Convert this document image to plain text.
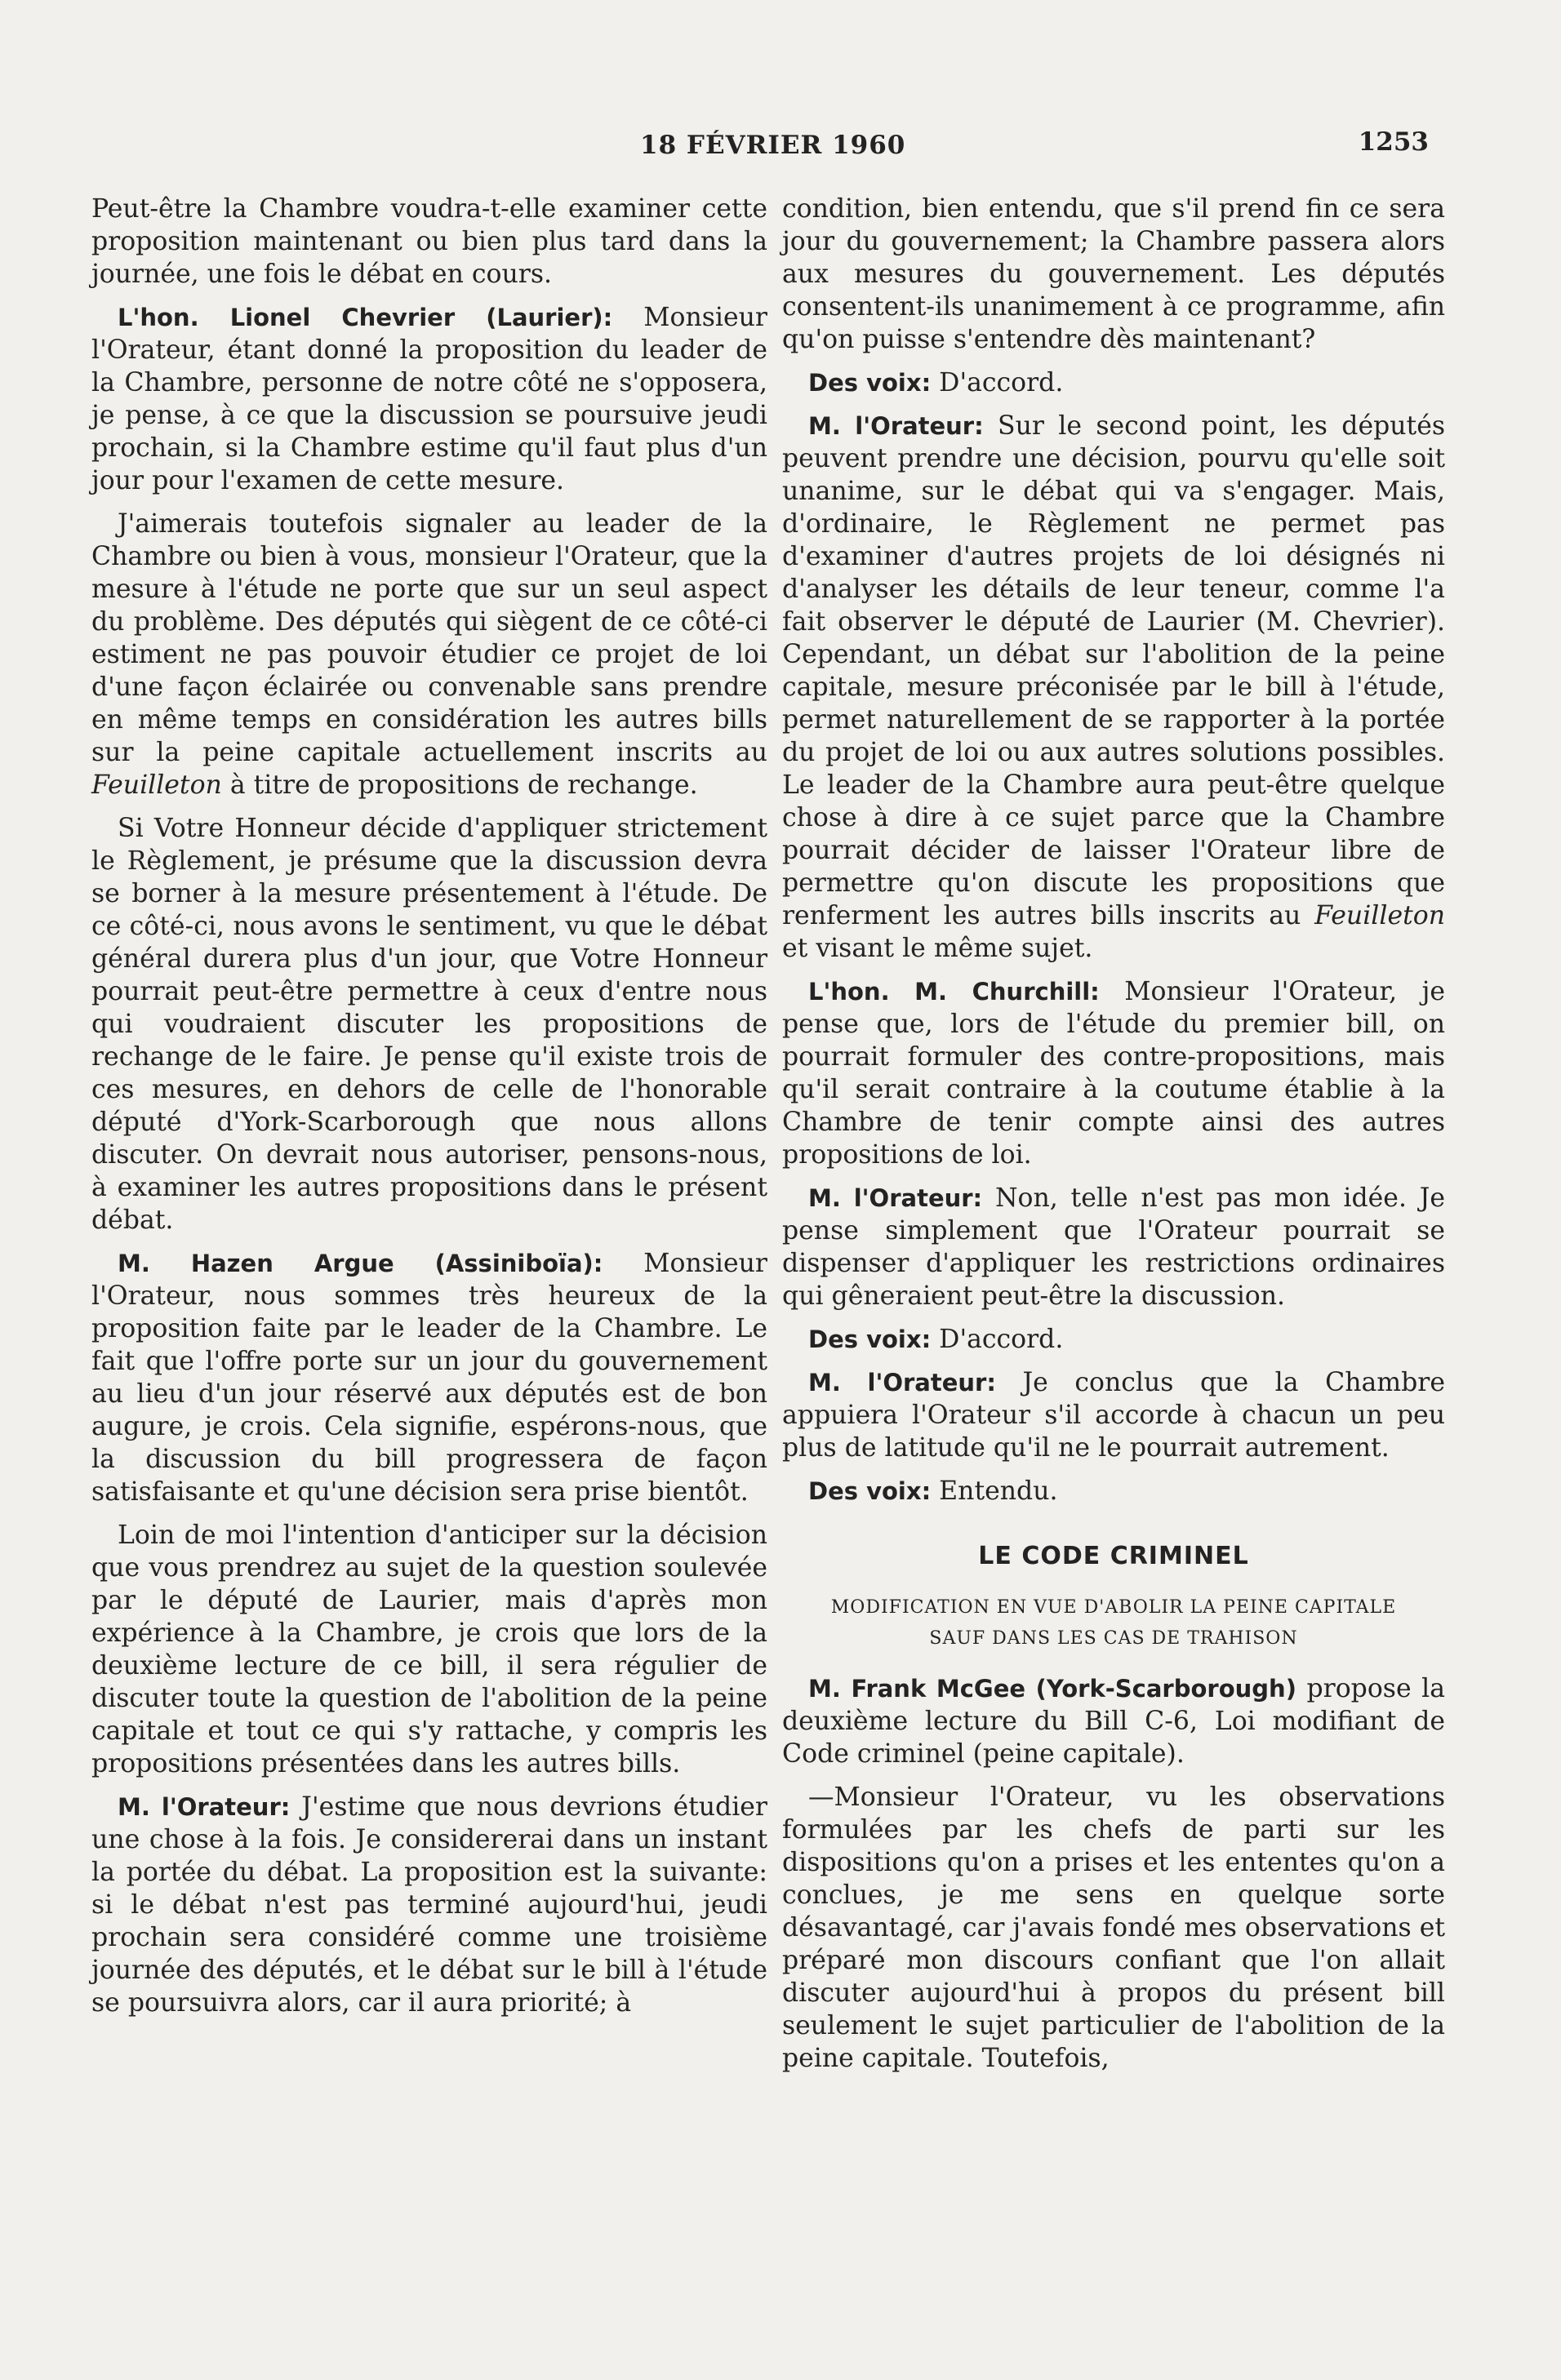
18 FÉVRIER 1960	1253

Peut-être la Chambre voudra-t-elle examiner cette proposition maintenant ou bien plus tard dans la journée, une fois le débat en cours.

L'hon. Lionel Chevrier (Laurier): Monsieur l'Orateur, étant donné la proposition du leader de la Chambre, personne de notre côté ne s'opposera, je pense, à ce que la discussion se poursuive jeudi prochain, si la Chambre estime qu'il faut plus d'un jour pour l'examen de cette mesure.

J'aimerais toutefois signaler au leader de la Chambre ou bien à vous, monsieur l'Orateur, que la mesure à l'étude ne porte que sur un seul aspect du problème. Des députés qui siègent de ce côté-ci estiment ne pas pouvoir étudier ce projet de loi d'une façon éclairée ou convenable sans prendre en même temps en considération les autres bills sur la peine capitale actuellement inscrits au Feuilleton à titre de propositions de rechange.

Si Votre Honneur décide d'appliquer strictement le Règlement, je présume que la discussion devra se borner à la mesure présentement à l'étude. De ce côté-ci, nous avons le sentiment, vu que le débat général durera plus d'un jour, que Votre Honneur pourrait peut-être permettre à ceux d'entre nous qui voudraient discuter les propositions de rechange de le faire. Je pense qu'il existe trois de ces mesures, en dehors de celle de l'honorable député d'York-Scarborough que nous allons discuter. On devrait nous autoriser, pensons-nous, à examiner les autres propositions dans le présent débat.

M. Hazen Argue (Assiniboïa): Monsieur l'Orateur, nous sommes très heureux de la proposition faite par le leader de la Chambre. Le fait que l'offre porte sur un jour du gouvernement au lieu d'un jour réservé aux députés est de bon augure, je crois. Cela signifie, espérons-nous, que la discussion du bill progressera de façon satisfaisante et qu'une décision sera prise bientôt.

Loin de moi l'intention d'anticiper sur la décision que vous prendrez au sujet de la question soulevée par le député de Laurier, mais d'après mon expérience à la Chambre, je crois que lors de la deuxième lecture de ce bill, il sera régulier de discuter toute la question de l'abolition de la peine capitale et tout ce qui s'y rattache, y compris les propositions présentées dans les autres bills.

M. l'Orateur: J'estime que nous devrions étudier une chose à la fois. Je considererai dans un instant la portée du débat. La proposition est la suivante: si le débat n'est pas terminé aujourd'hui, jeudi prochain sera considéré comme une troisième journée des députés, et le débat sur le bill à l'étude se poursuivra alors, car il aura priorité; à

condition, bien entendu, que s'il prend fin ce sera jour du gouvernement; la Chambre passera alors aux mesures du gouvernement. Les députés consentent-ils unanimement à ce programme, afin qu'on puisse s'entendre dès maintenant?

Des voix: D'accord.

M. l'Orateur: Sur le second point, les députés peuvent prendre une décision, pourvu qu'elle soit unanime, sur le débat qui va s'engager. Mais, d'ordinaire, le Règlement ne permet pas d'examiner d'autres projets de loi désignés ni d'analyser les détails de leur teneur, comme l'a fait observer le député de Laurier (M. Chevrier). Cependant, un débat sur l'abolition de la peine capitale, mesure préconisée par le bill à l'étude, permet naturellement de se rapporter à la portée du projet de loi ou aux autres solutions possibles. Le leader de la Chambre aura peut-être quelque chose à dire à ce sujet parce que la Chambre pourrait décider de laisser l'Orateur libre de permettre qu'on discute les propositions que renferment les autres bills inscrits au Feuilleton et visant le même sujet.

L'hon. M. Churchill: Monsieur l'Orateur, je pense que, lors de l'étude du premier bill, on pourrait formuler des contre-propositions, mais qu'il serait contraire à la coutume établie à la Chambre de tenir compte ainsi des autres propositions de loi.

M. l'Orateur: Non, telle n'est pas mon idée. Je pense simplement que l'Orateur pourrait se dispenser d'appliquer les restrictions ordinaires qui gêneraient peut-être la discussion.

Des voix: D'accord.

M. l'Orateur: Je conclus que la Chambre appuiera l'Orateur s'il accorde à chacun un peu plus de latitude qu'il ne le pourrait autrement.

Des voix: Entendu.

LE CODE CRIMINEL
MODIFICATION EN VUE D'ABOLIR LA PEINE CAPITALE SAUF DANS LES CAS DE TRAHISON

M. Frank McGee (York-Scarborough) propose la deuxième lecture du Bill C-6, Loi modifiant de Code criminel (peine capitale).

—Monsieur l'Orateur, vu les observations formulées par les chefs de parti sur les dispositions qu'on a prises et les ententes qu'on a conclues, je me sens en quelque sorte désavantagé, car j'avais fondé mes observations et préparé mon discours confiant que l'on allait discuter aujourd'hui à propos du présent bill seulement le sujet particulier de l'abolition de la peine capitale. Toutefois,
